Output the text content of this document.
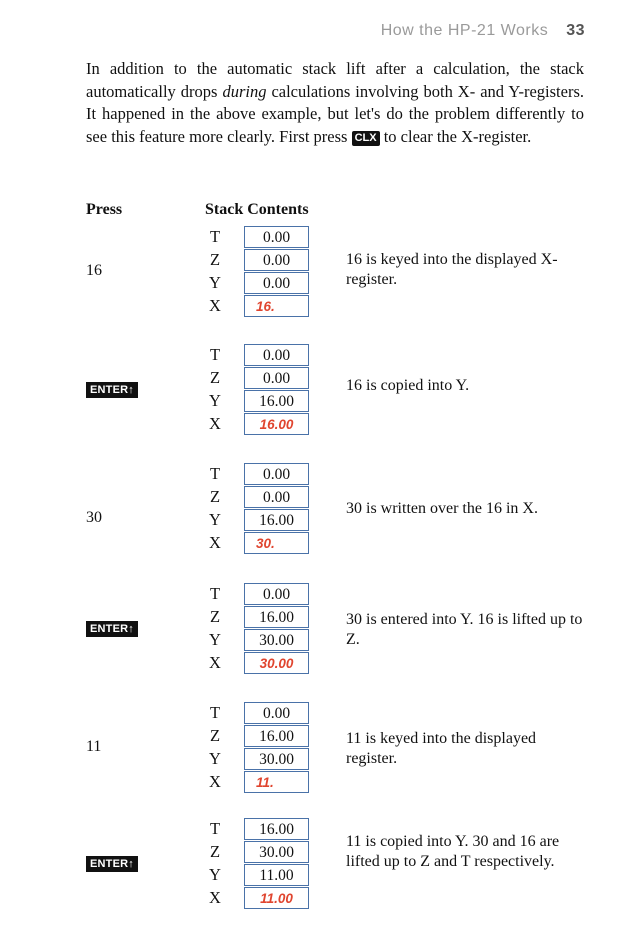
How the HP-21 Works 33

In addition to the automatic stack lift after a calculation, the stack automatically drops during calculations involving both X- and Y-registers. It happened in the above example, but let's do the problem differently to see this feature more clearly. First press CLX to clear the X-register.

Press	Stack Contents
16
T	0.00
Z	0.00
Y	0.00
X	16.
16 is keyed into the displayed X-register.
ENTER↑
T	0.00
Z	0.00
Y	16.00
X	16.00
16 is copied into Y.
30
T	0.00
Z	0.00
Y	16.00
X	30.
30 is written over the 16 in X.
ENTER↑
T	0.00
Z	16.00
Y	30.00
X	30.00
30 is entered into Y. 16 is lifted up to Z.
11
T	0.00
Z	16.00
Y	30.00
X	11.
11 is keyed into the displayed register.
ENTER↑
T	16.00
Z	30.00
Y	11.00
X	11.00
11 is copied into Y. 30 and 16 are lifted up to Z and T respectively.
